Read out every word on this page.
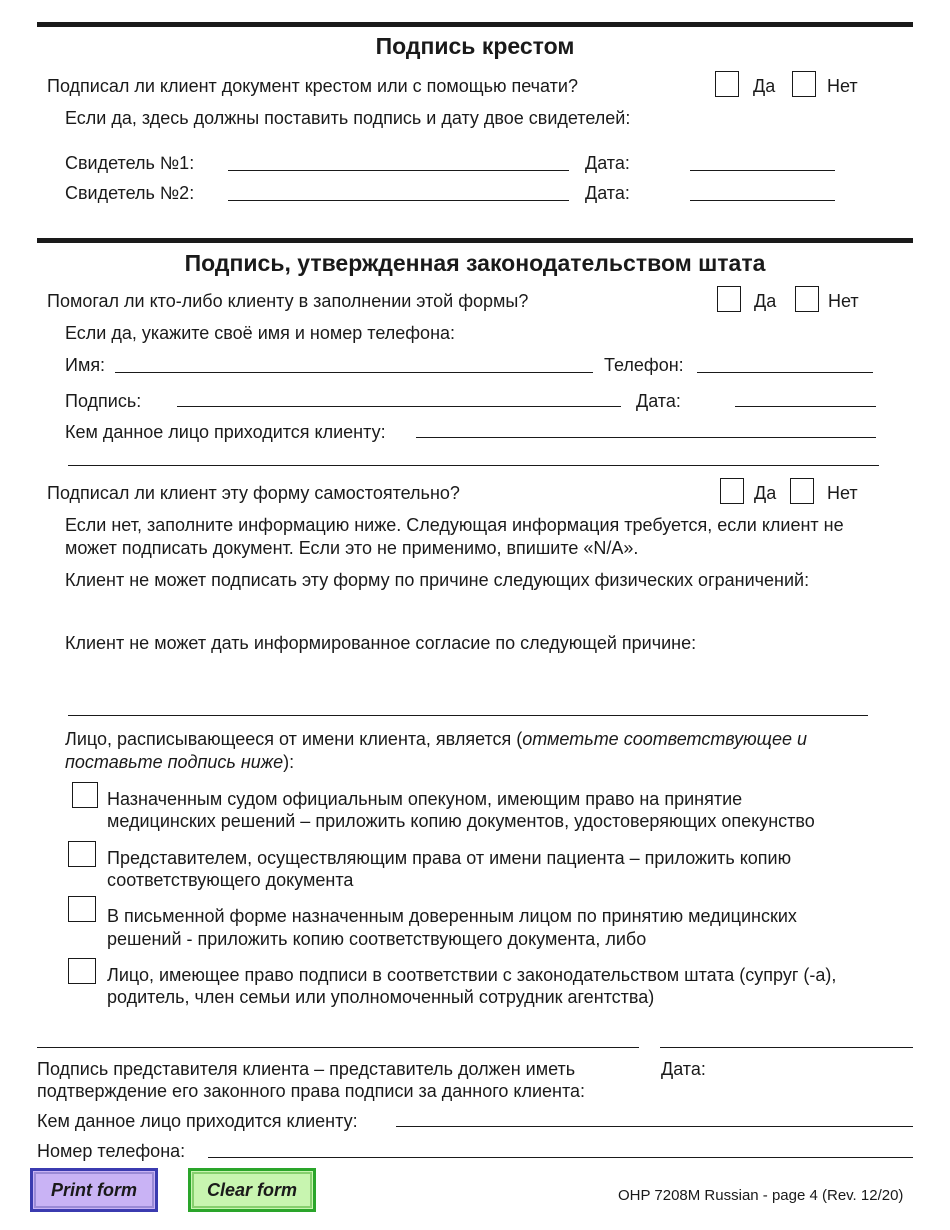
Подпись крестом
Подписал ли клиент документ крестом или с помощью печати?	Да	Нет
Если да, здесь должны поставить подпись и дату двое свидетелей:
Свидетель №1:	Дата:
Свидетель №2:	Дата:
Подпись, утвержденная законодательством штата
Помогал ли кто-либо клиенту в заполнении этой формы?	Да	Нет
Если да, укажите своё имя и номер телефона:
Имя:	Телефон:
Подпись:	Дата:
Кем данное лицо приходится клиенту:
Подписал ли клиент эту форму самостоятельно?	Да	Нет
Если нет, заполните информацию ниже. Следующая информация требуется, если клиент не
может подписать документ. Если это не применимо, впишите «N/A».
Клиент не может подписать эту форму по причине следующих физических ограничений:
Клиент не может дать информированное согласие по следующей причине:
Лицо, расписывающееся от имени клиента, является (отметьте соответствующее и
поставьте подпись ниже):
Назначенным судом официальным опекуном, имеющим право на принятие
медицинских решений – приложить копию документов, удостоверяющих опекунство
Представителем, осуществляющим права от имени пациента – приложить копию
соответствующего документа
В письменной форме назначенным доверенным лицом по принятию медицинских
решений - приложить копию соответствующего документа, либо
Лицо, имеющее право подписи в соответствии с законодательством штата (супруг (-а),
родитель, член семьи или уполномоченный сотрудник агентства)
Подпись представителя клиента – представитель должен иметь
подтверждение его законного права подписи за данного клиента:
Дата:
Кем данное лицо приходится клиенту:
Номер телефона:
Print form	Clear form	OHP 7208M Russian - page 4 (Rev. 12/20)
